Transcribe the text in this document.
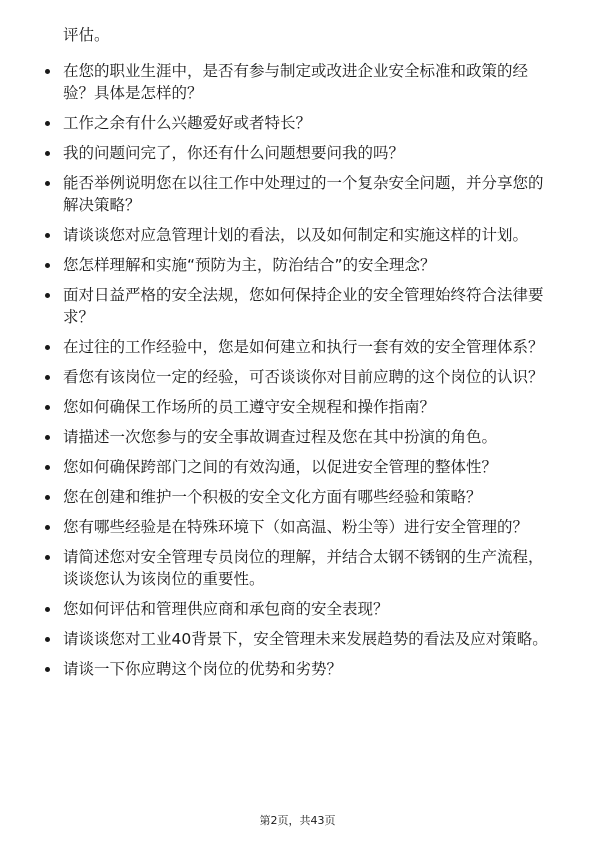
评估。
在您的职业生涯中，是否有参与制定或改进企业安全标准和政策的经验？具体是怎样的？
工作之余有什么兴趣爱好或者特长？
我的问题问完了，你还有什么问题想要问我的吗？
能否举例说明您在以往工作中处理过的一个复杂安全问题，并分享您的解决策略？
请谈谈您对应急管理计划的看法，以及如何制定和实施这样的计划。
您怎样理解和实施“预防为主，防治结合”的安全理念？
面对日益严格的安全法规，您如何保持企业的安全管理始终符合法律要求？
在过往的工作经验中，您是如何建立和执行一套有效的安全管理体系？
看您有该岗位一定的经验，可否谈谈你对目前应聘的这个岗位的认识？
您如何确保工作场所的员工遵守安全规程和操作指南？
请描述一次您参与的安全事故调查过程及您在其中扮演的角色。
您如何确保跨部门之间的有效沟通，以促进安全管理的整体性？
您在创建和维护一个积极的安全文化方面有哪些经验和策略？
您有哪些经验是在特殊环境下（如高温、粉尘等）进行安全管理的？
请简述您对安全管理专员岗位的理解，并结合太钢不锈钢的生产流程，谈谈您认为该岗位的重要性。
您如何评估和管理供应商和承包商的安全表现？
请谈谈您对工业40背景下，安全管理未来发展趋势的看法及应对策略。
请谈一下你应聘这个岗位的优势和劣势？
第2页，共43页
